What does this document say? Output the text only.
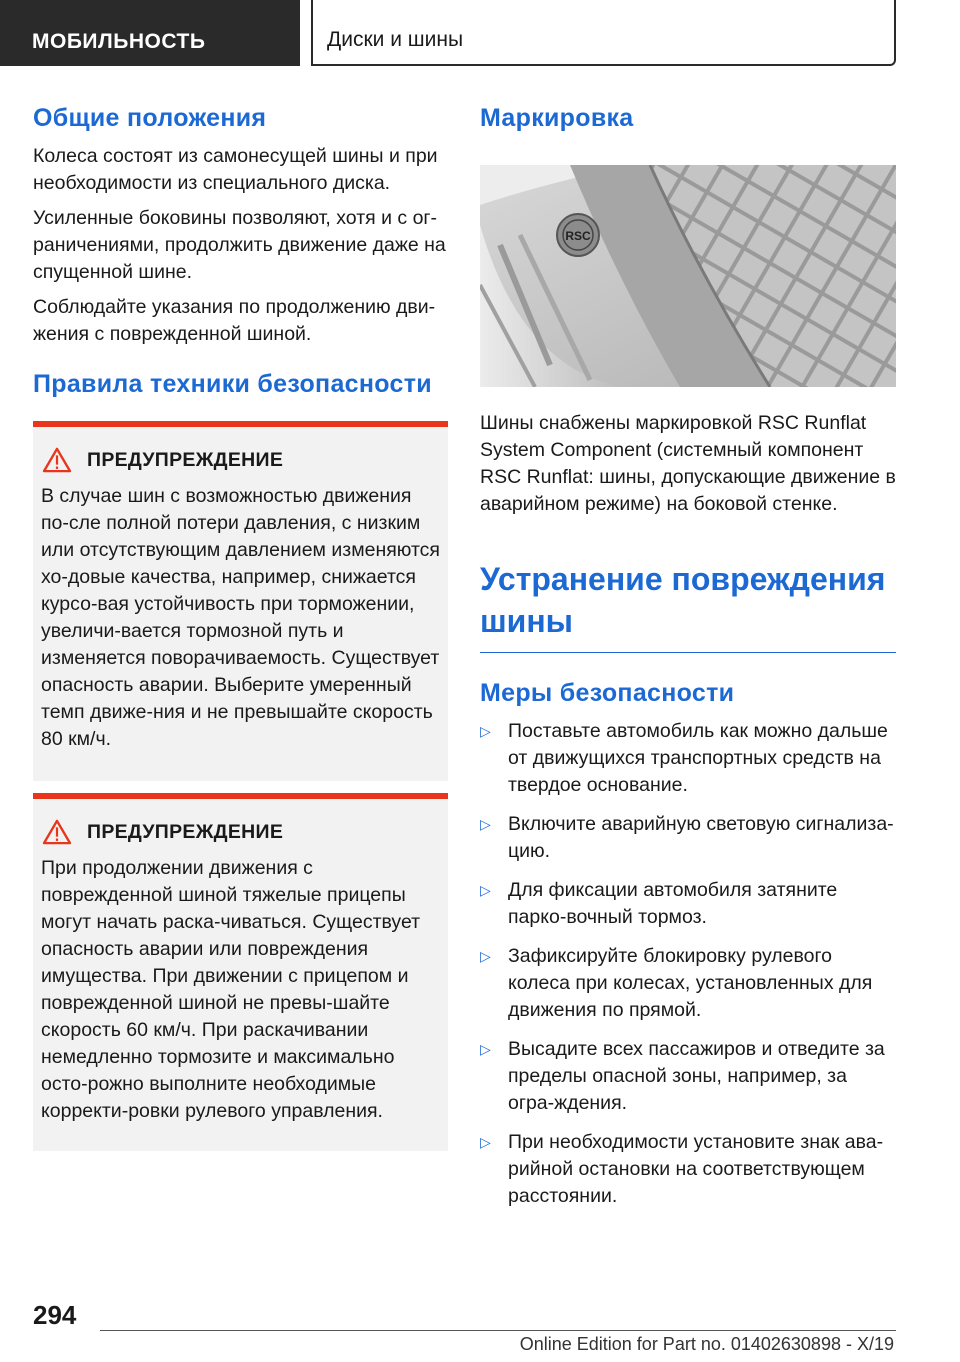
МОБИЛЬНОСТЬ	Диски и шины
Общие положения

Колеса состоят из самонесущей шины и при необходимости из специального диска.

Усиленные боковины позволяют, хотя и с ог-раничениями, продолжить движение даже на спущенной шине.

Соблюдайте указания по продолжению дви-жения с поврежденной шиной.

Правила техники безопасности
ПРЕДУПРЕЖДЕНИЕ
В случае шин с возможностью движения по-сле полной потери давления, с низким или отсутствующим давлением изменяются хо-довые качества, например, снижается курсо-вая устойчивость при торможении, увеличи-вается тормозной путь и изменяется поворачиваемость. Существует опасность аварии. Выберите умеренный темп движе-ния и не превышайте скорость 80 км/ч.
ПРЕДУПРЕЖДЕНИЕ
При продолжении движения с поврежденной шиной тяжелые прицепы могут начать раска-чиваться. Существует опасность аварии или повреждения имущества. При движении с прицепом и поврежденной шиной не превы-шайте скорость 60 км/ч. При раскачивании немедленно тормозите и максимально осто-рожно выполните необходимые корректи-ровки рулевого управления.
Маркировка
RSC

Шины снабжены маркировкой RSC Runflat System Component (системный компонент RSC Runflat: шины, допускающие движение в аварийном режиме) на боковой стенке.

Устранение повреждения шины
Меры безопасности
▷ Поставьте автомобиль как можно дальше от движущихся транспортных средств на твердое основание.
▷ Включите аварийную световую сигнализа-цию.
▷ Для фиксации автомобиля затяните парко-вочный тормоз.
▷ Зафиксируйте блокировку рулевого колеса при колесах, установленных для движения по прямой.
▷ Высадите всех пассажиров и отведите за пределы опасной зоны, например, за огра-ждения.
▷ При необходимости установите знак ава-рийной остановки на соответствующем расстоянии.
294
Online Edition for Part no. 01402630898 - X/19
